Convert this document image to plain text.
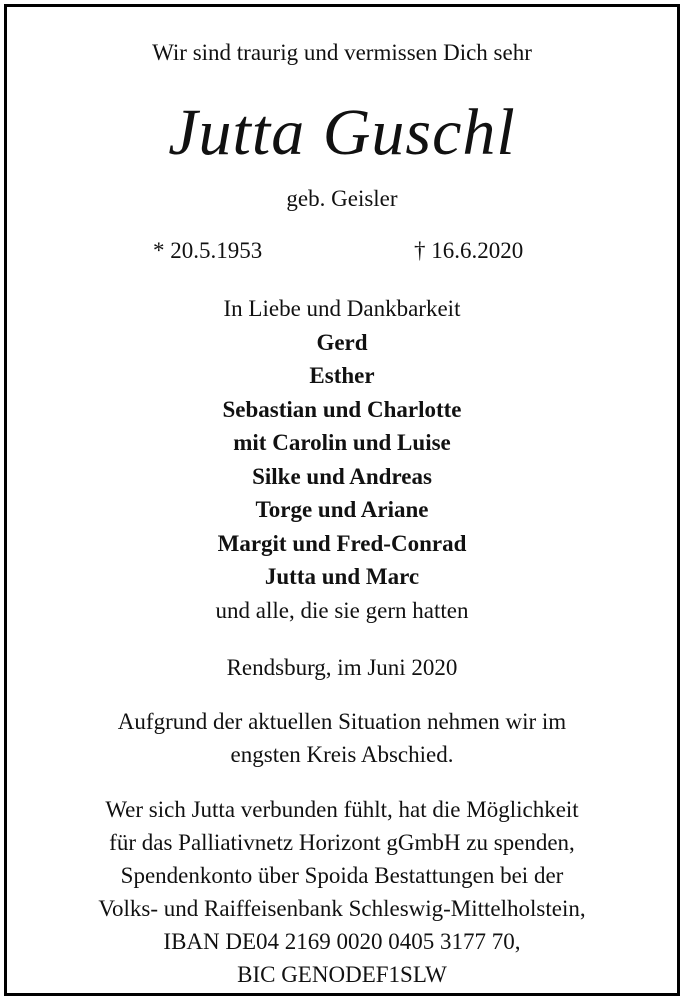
Wir sind traurig und vermissen Dich sehr
Jutta Guschl
geb. Geisler
* 20.5.1953	† 16.6.2020
In Liebe und Dankbarkeit
Gerd
Esther
Sebastian und Charlotte
mit Carolin und Luise
Silke und Andreas
Torge und Ariane
Margit und Fred-Conrad
Jutta und Marc
und alle, die sie gern hatten
Rendsburg, im Juni 2020
Aufgrund der aktuellen Situation nehmen wir im
engsten Kreis Abschied.
Wer sich Jutta verbunden fühlt, hat die Möglichkeit
für das Palliativnetz Horizont gGmbH zu spenden,
Spendenkonto über Spoida Bestattungen bei der
Volks- und Raiffeisenbank Schleswig-Mittelholstein,
IBAN DE04 2169 0020 0405 3177 70,
BIC GENODEF1SLW
